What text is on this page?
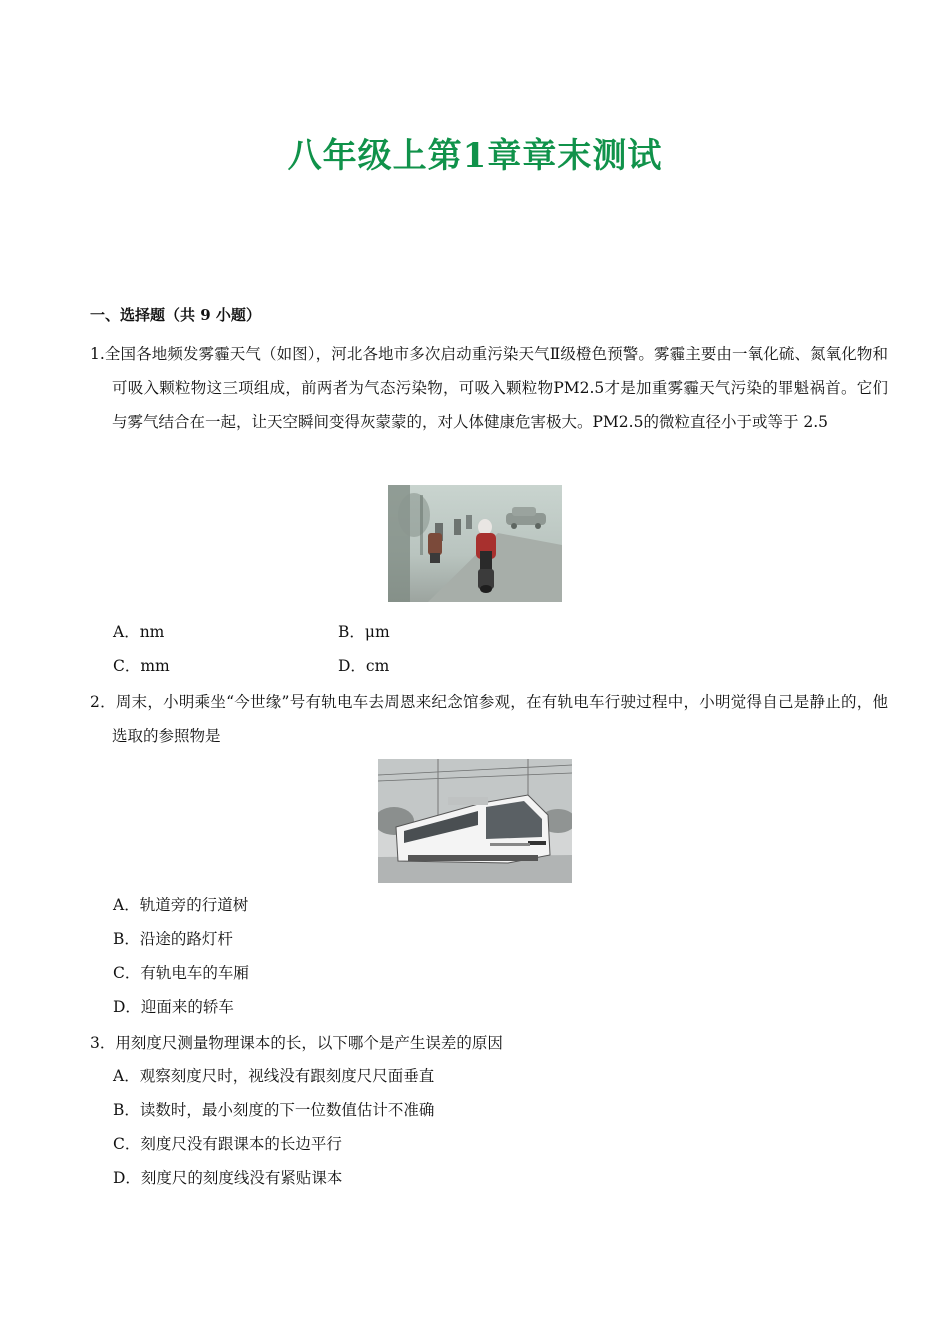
八年级上第1章章末测试
一、选择题（共 9 小题）
1.全国各地频发雾霾天气（如图），河北各地市多次启动重污染天气Ⅱ级橙色预警。雾霾主要由一氧化硫、氮氧化物和可吸入颗粒物这三项组成，前两者为气态污染物，可吸入颗粒物PM2.5才是加重雾霾天气污染的罪魁祸首。它们与雾气结合在一起，让天空瞬间变得灰蒙蒙的，对人体健康危害极大。PM2.5的微粒直径小于或等于 2.5
A．nm	B．μm
C．mm	D．cm
2．周末，小明乘坐“今世缘”号有轨电车去周恩来纪念馆参观，在有轨电车行驶过程中，小明觉得自己是静止的，他选取的参照物是
A．轨道旁的行道树
B．沿途的路灯杆
C．有轨电车的车厢
D．迎面来的轿车
3．用刻度尺测量物理课本的长，以下哪个是产生误差的原因
A．观察刻度尺时，视线没有跟刻度尺尺面垂直
B．读数时，最小刻度的下一位数值估计不准确
C．刻度尺没有跟课本的长边平行
D．刻度尺的刻度线没有紧贴课本
